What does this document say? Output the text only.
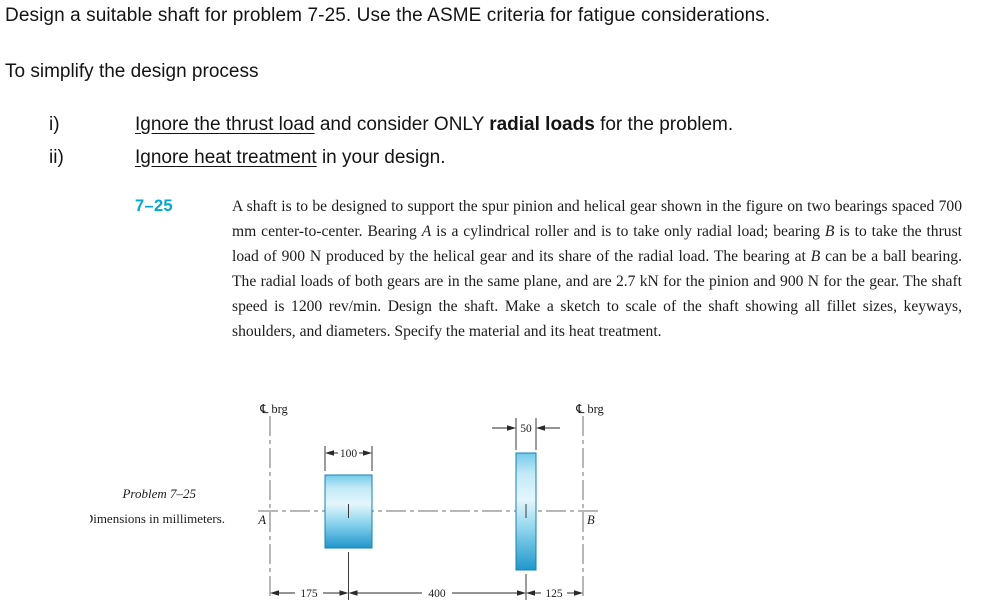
Design a suitable shaft for problem 7-25. Use the ASME criteria for fatigue considerations.
To simplify the design process
i)	Ignore the thrust load and consider ONLY radial loads for the problem.
ii)	Ignore heat treatment in your design.
7–25	A shaft is to be designed to support the spur pinion and helical gear shown in the figure on two bearings spaced 700 mm center-to-center. Bearing A is a cylindrical roller and is to take only radial load; bearing B is to take the thrust load of 900 N produced by the helical gear and its share of the radial load. The bearing at B can be a ball bearing. The radial loads of both gears are in the same plane, and are 2.7 kN for the pinion and 900 N for the gear. The shaft speed is 1200 rev/min. Design the shaft. Make a sketch to scale of the shaft showing all fillet sizes, keyways, shoulders, and diameters. Specify the material and its heat treatment.
100
50
175	400	125
℄ brg	℄ brg
A	B
Problem 7–25
Dimensions in millimeters.
